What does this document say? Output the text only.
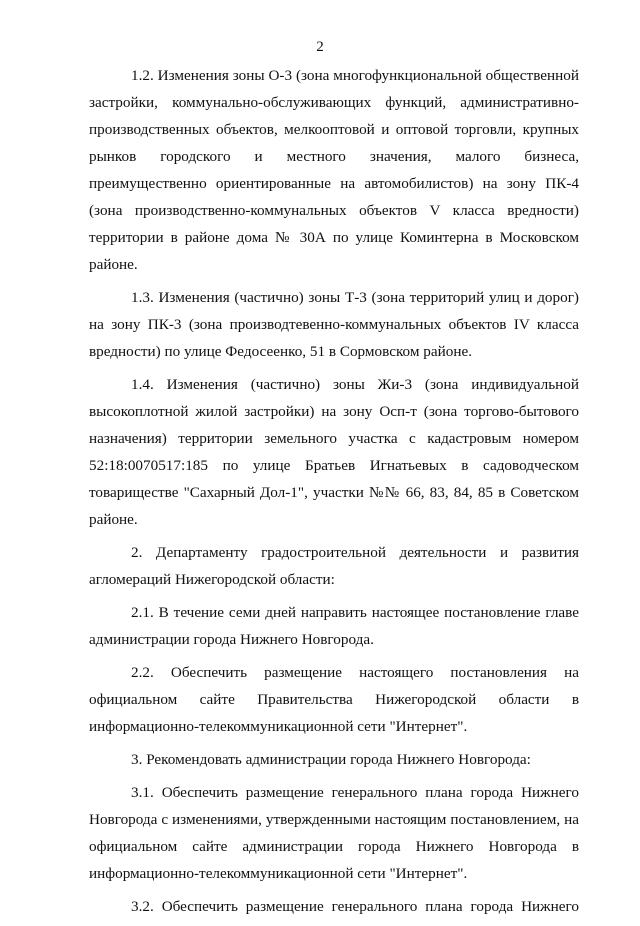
2
1.2. Изменения зоны О-3 (зона многофункциональной общественной
застройки, коммунально-обслуживающих функций, административно-
производственных объектов, мелкооптовой и оптовой торговли, крупных
рынков городского и местного значения, малого бизнеса,
преимущественно ориентированные на автомобилистов) на зону ПК-4
(зона производственно-коммунальных объектов V класса вредности)
территории в районе дома № 30А по улице Коминтерна в Московском
районе.
1.3. Изменения (частично) зоны Т-3 (зона территорий улиц и дорог)
на зону ПК-3 (зона производтевенно-коммунальных объектов IV класса
вредности) по улице Федосеенко, 51 в Сормовском районе.
1.4. Изменения (частично) зоны Жи-3 (зона индивидуальной
высокоплотной жилой застройки) на зону Осп-т (зона торгово-бытового
назначения) территории земельного участка с кадастровым номером
52:18:0070517:185 по улице Братьев Игнатьевых в садоводческом
товариществе "Сахарный Дол-1", участки №№ 66, 83, 84, 85 в Советском
районе.
2. Департаменту градостроительной деятельности и развития
агломераций Нижегородской области:
2.1. В течение семи дней направить настоящее постановление главе
администрации города Нижнего Новгорода.
2.2. Обеспечить размещение настоящего постановления на
официальном сайте Правительства Нижегородской области в
информационно-телекоммуникационной сети "Интернет".
3. Рекомендовать администрации города Нижнего Новгорода:
3.1. Обеспечить размещение генерального плана города Нижнего
Новгорода с изменениями, утвержденными настоящим постановлением, на
официальном сайте администрации города Нижнего Новгорода в
информационно-телекоммуникационной сети "Интернет".
3.2. Обеспечить размещение генерального плана города Нижнего
